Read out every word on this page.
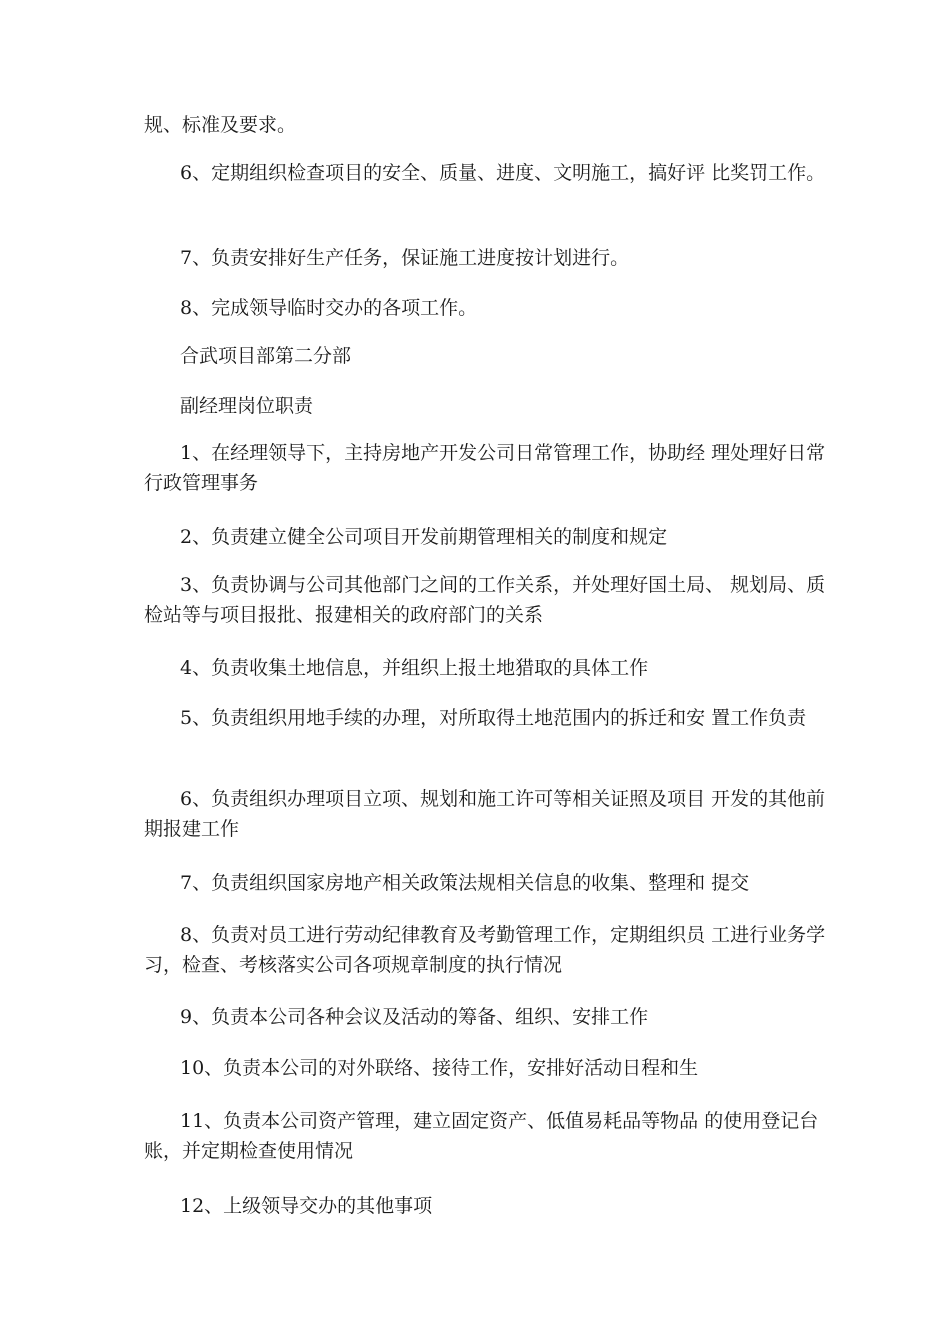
规、标准及要求。

6、定期组织检查项目的安全、质量、进度、文明施工，搞好评 比奖罚工作。

7、负责安排好生产任务，保证施工进度按计划进行。

8、完成领导临时交办的各项工作。

合武项目部第二分部

副经理岗位职责

1、在经理领导下，主持房地产开发公司日常管理工作，协助经 理处理好日常行政管理事务

2、负责建立健全公司项目开发前期管理相关的制度和规定

3、负责协调与公司其他部门之间的工作关系，并处理好国土局、 规划局、质检站等与项目报批、报建相关的政府部门的关系

4、负责收集土地信息，并组织上报土地猎取的具体工作

5、负责组织用地手续的办理，对所取得土地范围内的拆迁和安 置工作负责

6、负责组织办理项目立项、规划和施工许可等相关证照及项目 开发的其他前期报建工作

7、负责组织国家房地产相关政策法规相关信息的收集、整理和 提交

8、负责对员工进行劳动纪律教育及考勤管理工作，定期组织员 工进行业务学习，检查、考核落实公司各项规章制度的执行情况

9、负责本公司各种会议及活动的筹备、组织、安排工作

10、负责本公司的对外联络、接待工作，安排好活动日程和生

11、负责本公司资产管理，建立固定资产、低值易耗品等物品 的使用登记台账，并定期检查使用情况

12、上级领导交办的其他事项
